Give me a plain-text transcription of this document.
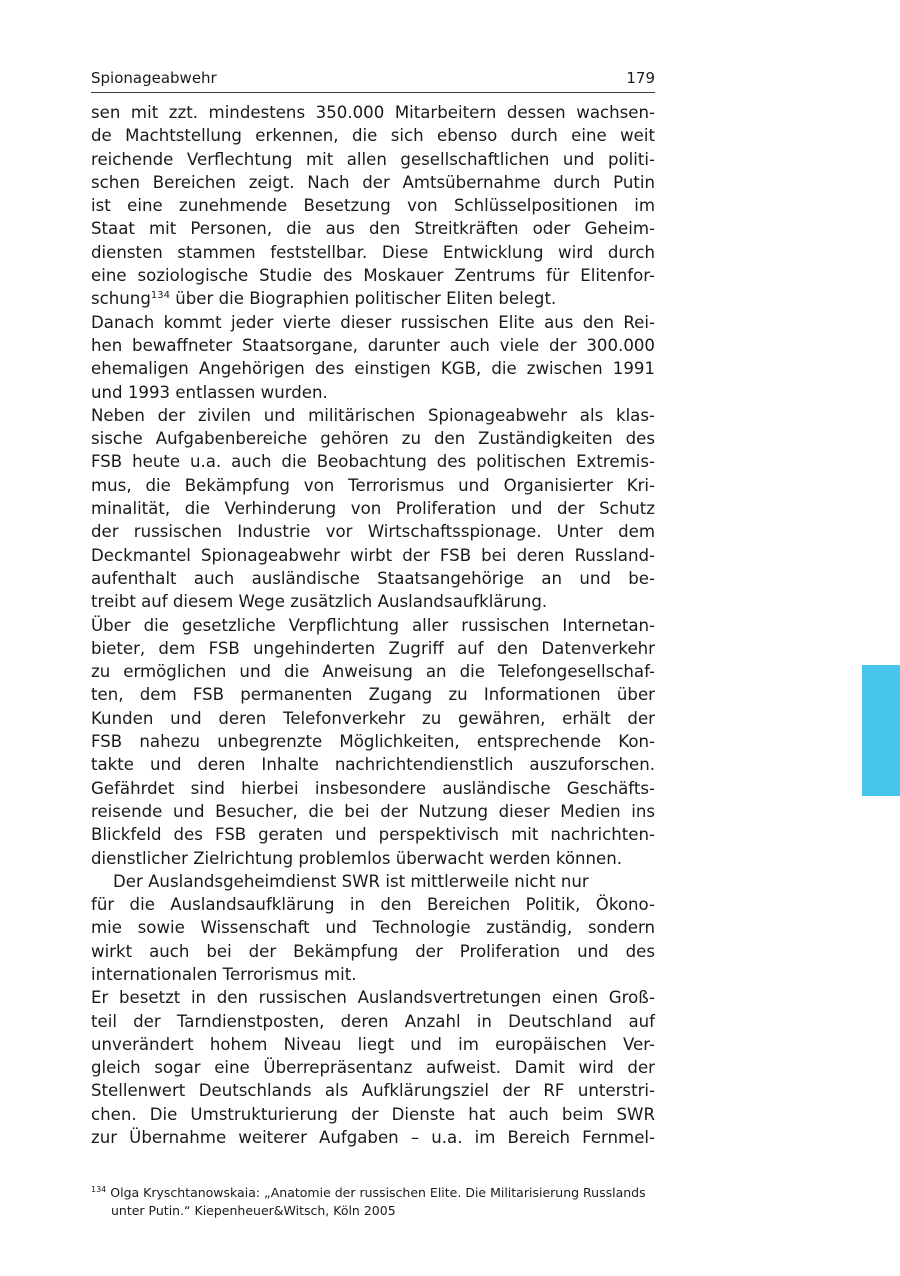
Spionageabwehr	179
sen mit zzt. mindestens 350.000 Mitarbeitern dessen wachsen-
de Machtstellung erkennen, die sich ebenso durch eine weit
reichende Verflechtung mit allen gesellschaftlichen und politi-
schen Bereichen zeigt. Nach der Amtsübernahme durch Putin
ist eine zunehmende Besetzung von Schlüsselpositionen im
Staat mit Personen, die aus den Streitkräften oder Geheim-
diensten stammen feststellbar. Diese Entwicklung wird durch
eine soziologische Studie des Moskauer Zentrums für Elitenfor-
schung$^{134}$ über die Biographien politischer Eliten belegt.
Danach kommt jeder vierte dieser russischen Elite aus den Rei-
hen bewaffneter Staatsorgane, darunter auch viele der 300.000
ehemaligen Angehörigen des einstigen KGB, die zwischen 1991
und 1993 entlassen wurden.
Neben der zivilen und militärischen Spionageabwehr als klas-
sische Aufgabenbereiche gehören zu den Zuständigkeiten des
FSB heute u.a. auch die Beobachtung des politischen Extremis-
mus, die Bekämpfung von Terrorismus und Organisierter Kri-
minalität, die Verhinderung von Proliferation und der Schutz
der russischen Industrie vor Wirtschaftsspionage. Unter dem
Deckmantel Spionageabwehr wirbt der FSB bei deren Russland-
aufenthalt auch ausländische Staatsangehörige an und be-
treibt auf diesem Wege zusätzlich Auslandsaufklärung.
Über die gesetzliche Verpflichtung aller russischen Internetan-
bieter, dem FSB ungehinderten Zugriff auf den Datenverkehr
zu ermöglichen und die Anweisung an die Telefongesellschaf-
ten, dem FSB permanenten Zugang zu Informationen über
Kunden und deren Telefonverkehr zu gewähren, erhält der
FSB nahezu unbegrenzte Möglichkeiten, entsprechende Kon-
takte und deren Inhalte nachrichtendienstlich auszuforschen.
Gefährdet sind hierbei insbesondere ausländische Geschäfts-
reisende und Besucher, die bei der Nutzung dieser Medien ins
Blickfeld des FSB geraten und perspektivisch mit nachrichten-
dienstlicher Zielrichtung problemlos überwacht werden können.
Der Auslandsgeheimdienst SWR ist mittlerweile nicht nur
für die Auslandsaufklärung in den Bereichen Politik, Ökono-
mie sowie Wissenschaft und Technologie zuständig, sondern
wirkt auch bei der Bekämpfung der Proliferation und des
internationalen Terrorismus mit.
Er besetzt in den russischen Auslandsvertretungen einen Groß-
teil der Tarndienstposten, deren Anzahl in Deutschland auf
unverändert hohem Niveau liegt und im europäischen Ver-
gleich sogar eine Überrepräsentanz aufweist. Damit wird der
Stellenwert Deutschlands als Aufklärungsziel der RF unterstri-
chen. Die Umstrukturierung der Dienste hat auch beim SWR
zur Übernahme weiterer Aufgaben – u.a. im Bereich Fernmel-
$^{134}$ Olga Kryschtanowskaia: „Anatomie der russischen Elite. Die Militarisierung Russlands
unter Putin.“ Kiepenheuer&Witsch, Köln 2005
